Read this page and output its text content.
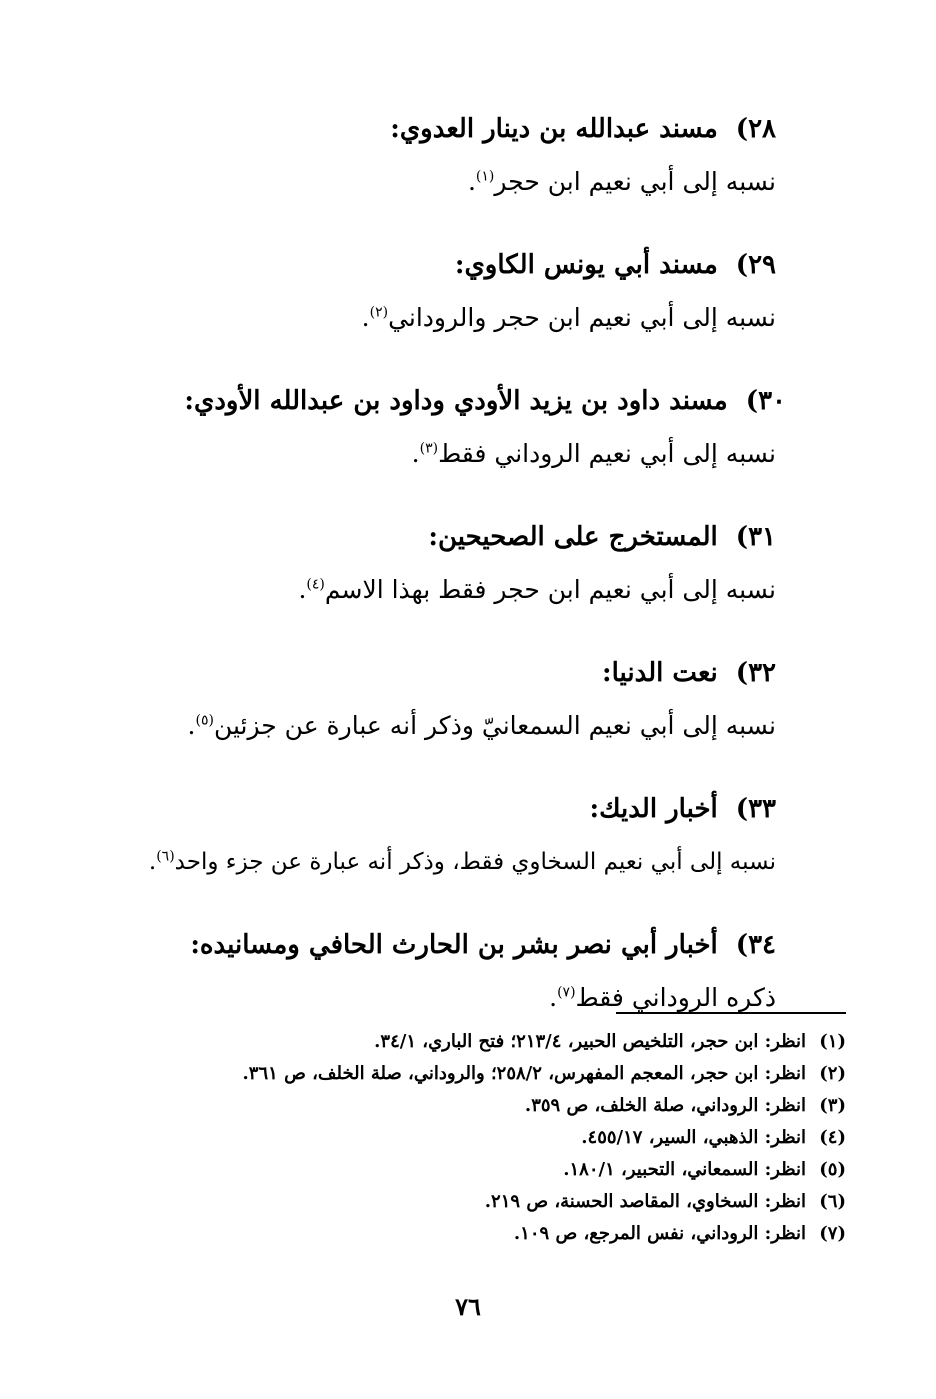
٢٨)مسند عبدالله بن دينار العدوي:
نسبه إلى أبي نعيم ابن حجر$^{(١)}$.
٢٩)مسند أبي يونس الكاوي:
نسبه إلى أبي نعيم ابن حجر والروداني$^{(٢)}$.
٣٠)مسند داود بن يزيد الأودي وداود بن عبدالله الأودي:
نسبه إلى أبي نعيم الروداني فقط$^{(٣)}$.
٣١)المستخرج على الصحيحين:
نسبه إلى أبي نعيم ابن حجر فقط بهذا الاسم$^{(٤)}$.
٣٢)نعت الدنيا:
نسبه إلى أبي نعيم السمعانيّ وذكر أنه عبارة عن جزئين$^{(٥)}$.
٣٣)أخبار الديك:
نسبه إلى أبي نعيم السخاوي فقط، وذكر أنه عبارة عن جزء واحد$^{(٦)}$.
٣٤)أخبار أبي نصر بشر بن الحارث الحافي ومسانيده:
ذكره الروداني فقط$^{(٧)}$.
(١)انظر: ابن حجر، التلخيص الحبير، ٢١٣/٤؛ فتح الباري، ٣٤/١.
(٢)انظر: ابن حجر، المعجم المفهرس، ٢٥٨/٢؛ والروداني، صلة الخلف، ص ٣٦١.
(٣)انظر: الروداني، صلة الخلف، ص ٣٥٩.
(٤)انظر: الذهبي، السير، ٤٥٥/١٧.
(٥)انظر: السمعاني، التحبير، ١٨٠/١.
(٦)انظر: السخاوي، المقاصد الحسنة، ص ٢١٩.
(٧)انظر: الروداني، نفس المرجع، ص ١٠٩.
٧٦
